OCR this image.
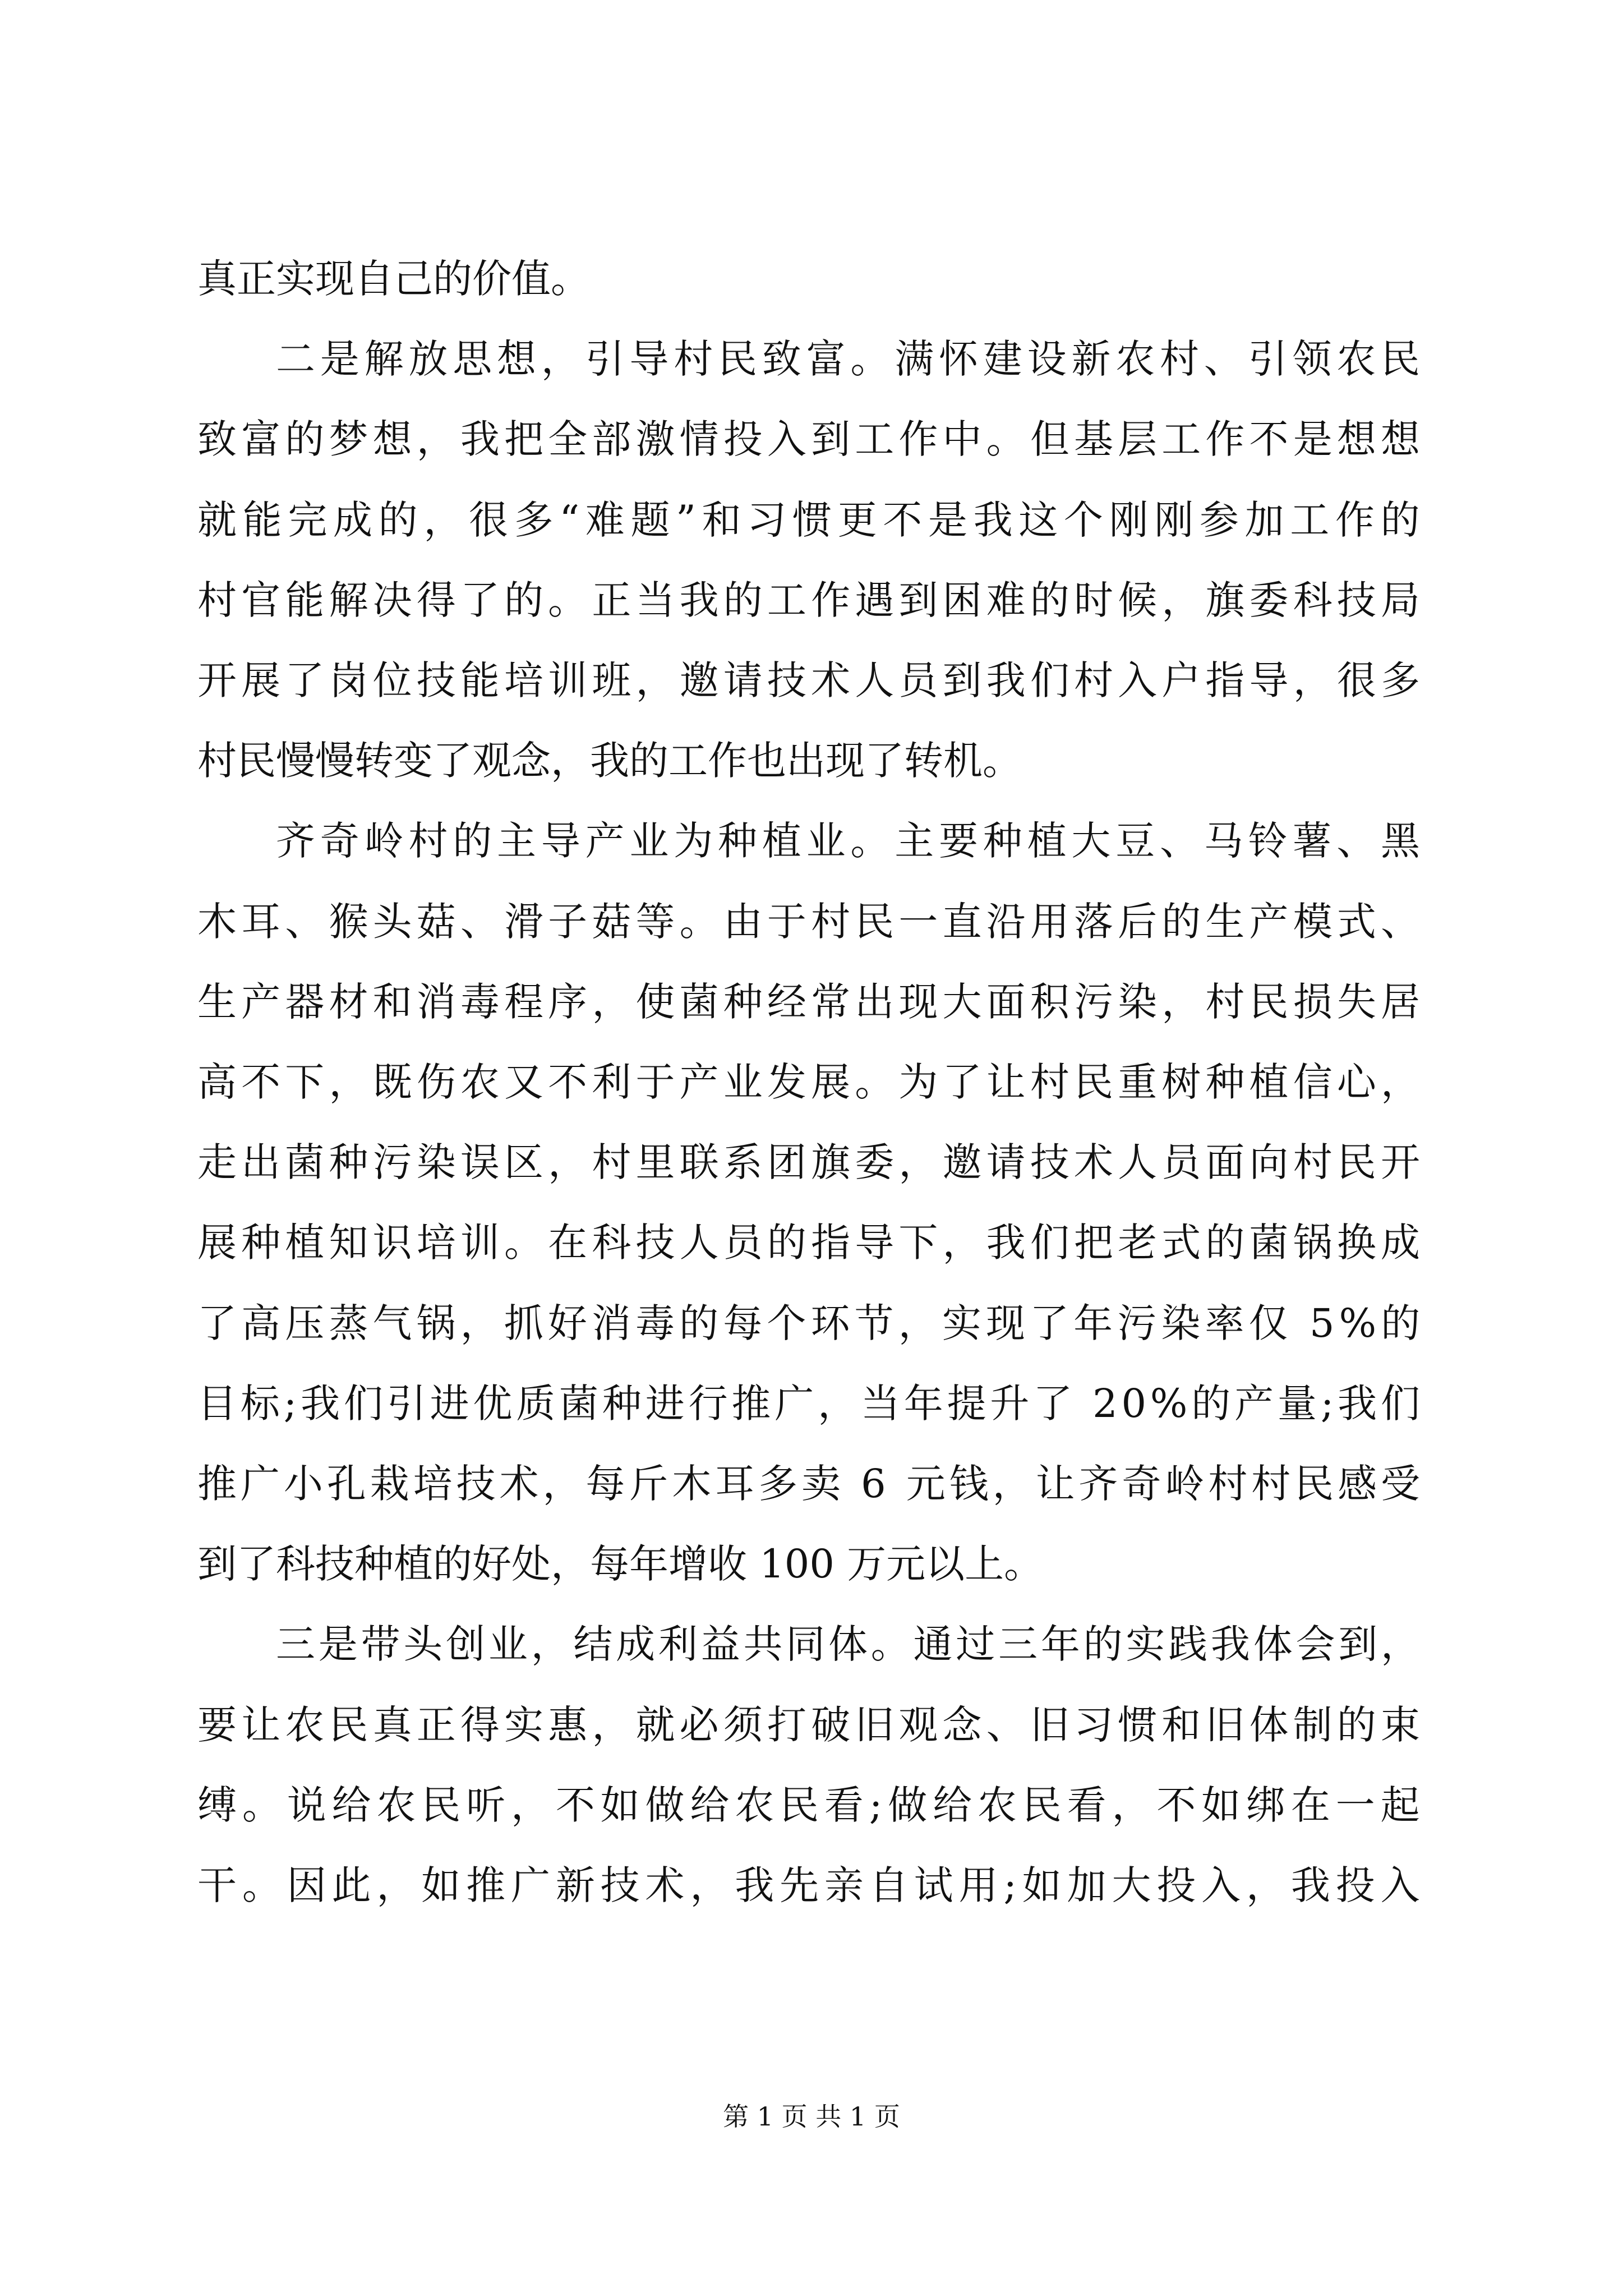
真正实现自己的价值。

二是解放思想，引导村民致富。满怀建设新农村、引领农民

致富的梦想，我把全部激情投入到工作中。但基层工作不是想想

就能完成的，很多“难题”和习惯更不是我这个刚刚参加工作的

村官能解决得了的。正当我的工作遇到困难的时候，旗委科技局

开展了岗位技能培训班，邀请技术人员到我们村入户指导，很多

村民慢慢转变了观念，我的工作也出现了转机。

齐奇岭村的主导产业为种植业。主要种植大豆、马铃薯、黑

木耳、猴头菇、滑子菇等。由于村民一直沿用落后的生产模式、

生产器材和消毒程序，使菌种经常出现大面积污染，村民损失居

高不下，既伤农又不利于产业发展。为了让村民重树种植信心，

走出菌种污染误区，村里联系团旗委，邀请技术人员面向村民开

展种植知识培训。在科技人员的指导下，我们把老式的菌锅换成

了高压蒸气锅，抓好消毒的每个环节，实现了年污染率仅 5%的

目标;我们引进优质菌种进行推广，当年提升了 20%的产量;我们

推广小孔栽培技术，每斤木耳多卖 6 元钱，让齐奇岭村村民感受

到了科技种植的好处，每年增收 100 万元以上。

三是带头创业，结成利益共同体。通过三年的实践我体会到，

要让农民真正得实惠，就必须打破旧观念、旧习惯和旧体制的束

缚。说给农民听，不如做给农民看;做给农民看，不如绑在一起

干。因此，如推广新技术，我先亲自试用;如加大投入，我投入

第 1 页 共 1 页
